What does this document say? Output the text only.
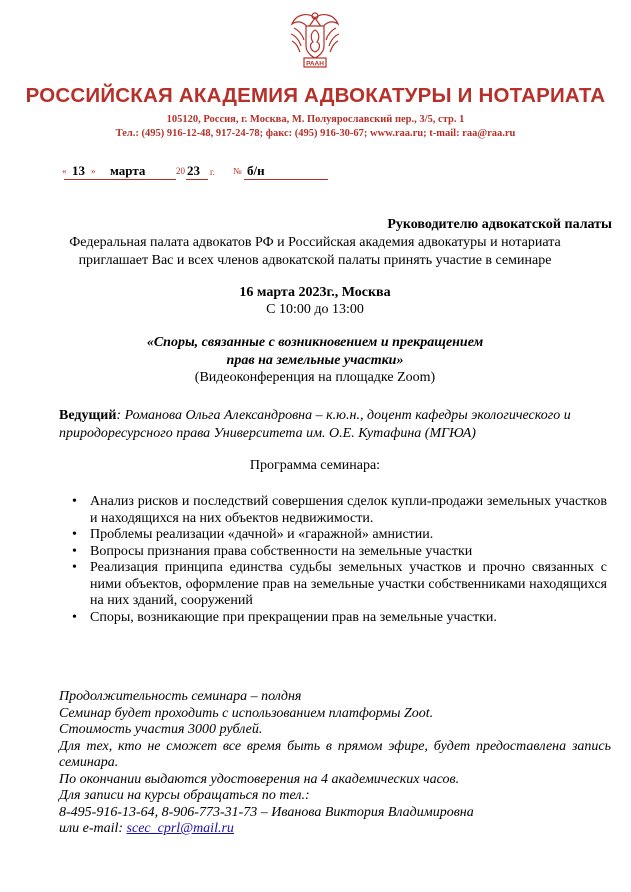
РААН
РОССИЙСКАЯ АКАДЕМИЯ АДВОКАТУРЫ И НОТАРИАТА
105120, Россия, г. Москва, М. Полуярославский пер., 3/5, стр. 1
Тел.: (495) 916-12-48, 917-24-78; факс: (495) 916-30-67; www.raa.ru; t-mail: raa@raa.ru
« 13 » марта	20 23 г. № б/н
Руководителю адвокатской палаты
Федеральная палата адвокатов РФ и Российская академия адвокатуры и нотариата
приглашает Вас и всех членов адвокатской палаты принять участие в семинаре
16 марта 2023г., Москва
С 10:00 до 13:00
«Споры, связанные с возникновением и прекращением
прав на земельные участки»
(Видеоконференция на площадке Zoom)
Ведущий: Романова Ольга Александровна – к.ю.н., доцент кафедры экологического и природоресурсного права Университета им. О.Е. Кутафина (МГЮА)
Программа семинара:
• Анализ рисков и последствий совершения сделок купли-продажи земельных участков и находящихся на них объектов недвижимости.
• Проблемы реализации «дачной» и «гаражной» амнистии.
• Вопросы признания права собственности на земельные участки
• Реализация принципа единства судьбы земельных участков и прочно связанных с ними объектов, оформление прав на земельные участки собственниками находящихся на них зданий, сооружений
• Споры, возникающие при прекращении прав на земельные участки.
Продолжительность семинара – полдня
Семинар будет проходить с использованием платформы Zoot.
Стоимость участия 3000 рублей.
Для тех, кто не сможет все время быть в прямом эфире, будет предоставлена запись семинара.
По окончании выдаются удостоверения на 4 академических часов.
Для записи на курсы обращаться по тел.:
8-495-916-13-64, 8-906-773-31-73 – Иванова Виктория Владимировна
или e-mail: scec_cprl@mail.ru
